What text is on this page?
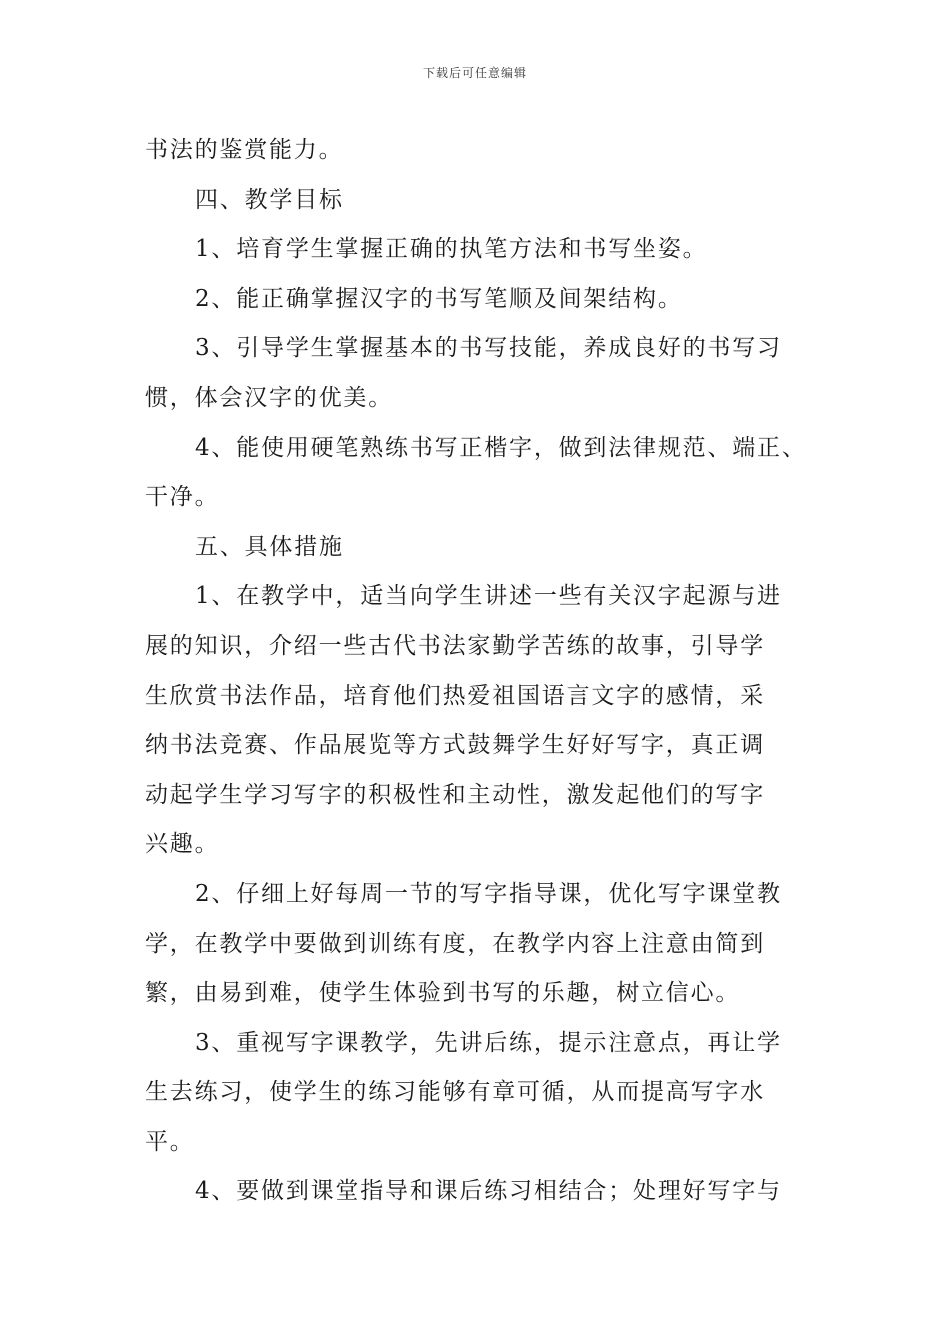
下载后可任意编辑
书法的鉴赏能力。
四、教学目标
1、培育学生掌握正确的执笔方法和书写坐姿。
2、能正确掌握汉字的书写笔顺及间架结构。
3、引导学生掌握基本的书写技能，养成良好的书写习
惯，体会汉字的优美。
4、能使用硬笔熟练书写正楷字，做到法律规范、端正、
干净。
五、具体措施
1、在教学中，适当向学生讲述一些有关汉字起源与进
展的知识，介绍一些古代书法家勤学苦练的故事，引导学
生欣赏书法作品，培育他们热爱祖国语言文字的感情，采
纳书法竞赛、作品展览等方式鼓舞学生好好写字，真正调
动起学生学习写字的积极性和主动性，激发起他们的写字
兴趣。
2、仔细上好每周一节的写字指导课，优化写字课堂教
学，在教学中要做到训练有度，在教学内容上注意由简到
繁，由易到难，使学生体验到书写的乐趣，树立信心。
3、重视写字课教学，先讲后练，提示注意点，再让学
生去练习，使学生的练习能够有章可循，从而提高写字水
平。
4、要做到课堂指导和课后练习相结合；处理好写字与
